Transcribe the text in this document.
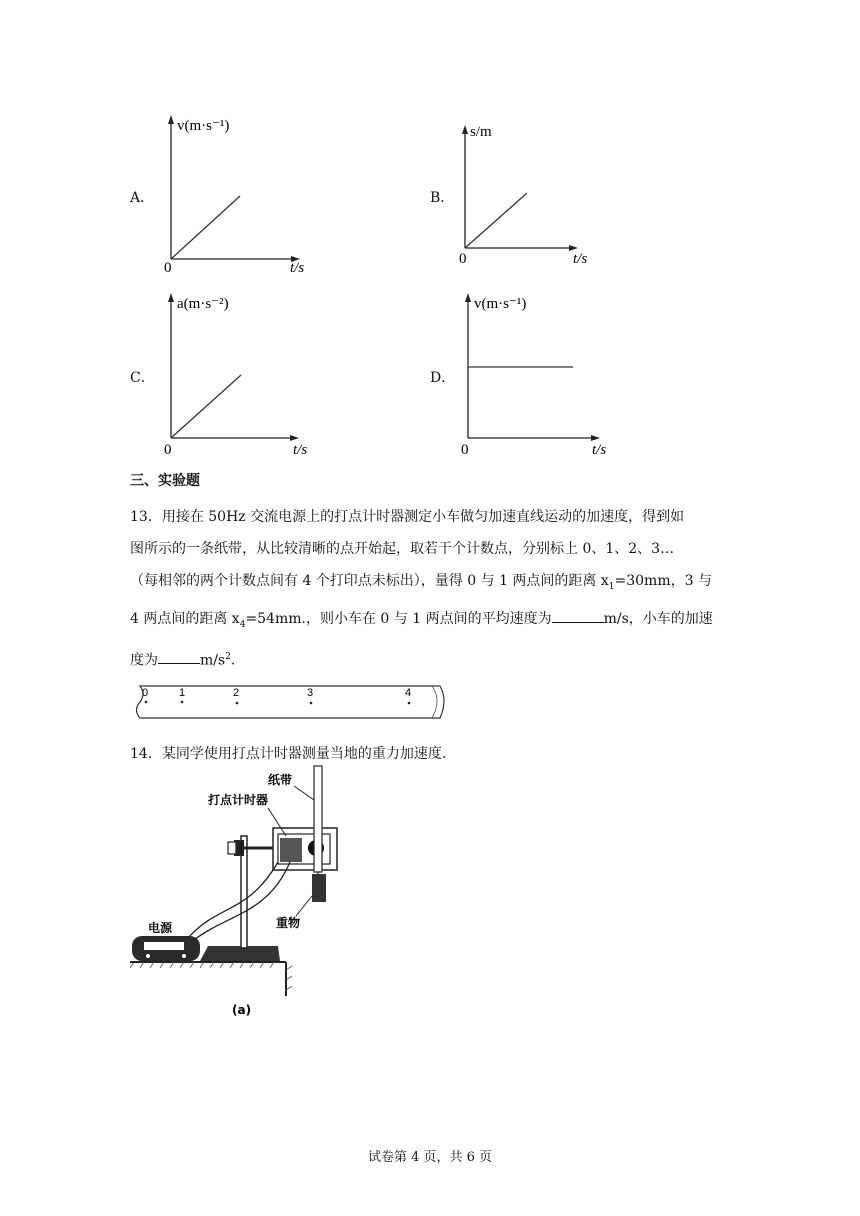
A．
v(m·s⁻¹)
t/s
0
B．
s/m
t/s
0
C．
a(m·s⁻²)
t/s
0
D．
v(m·s⁻¹)
t/s
0
三、实验题
13．用接在 50Hz 交流电源上的打点计时器测定小车做匀加速直线运动的加速度，得到如
图所示的一条纸带，从比较清晰的点开始起，取若干个计数点，分别标上 0、1、2、3…
（每相邻的两个计数点间有 4 个打印点未标出），量得 0 与 1 两点间的距离 $x_1=30mm$，3 与
4 两点间的距离 $x_4=54mm$.，则小车在 0 与 1 两点间的平均速度为	m/s，小车的加速
度为	$m/s^2$.
0	1	2	3	4
14．某同学使用打点计时器测量当地的重力加速度.
纸带
打点计时器
电源	重物
(a)
试卷第 4 页，共 6 页
